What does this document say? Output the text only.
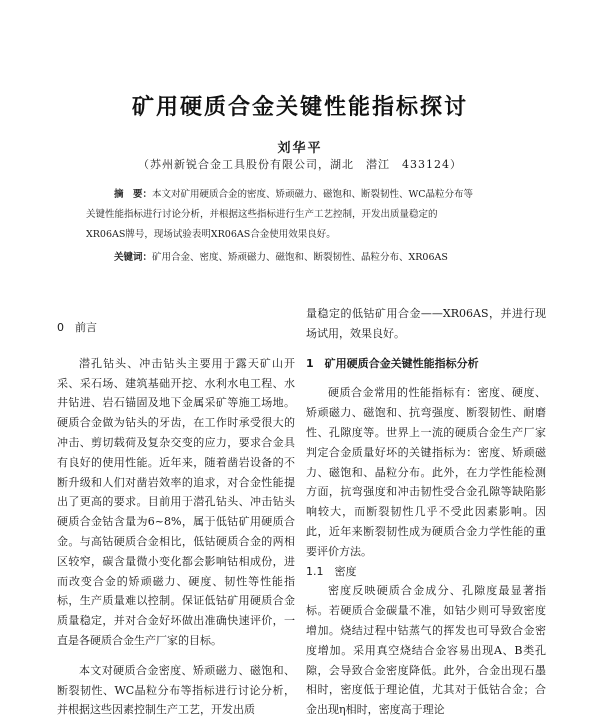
矿用硬质合金关键性能指标探讨
刘华平
（苏州新锐合金工具股份有限公司，湖北　潜江　433124）
摘　要：本文对矿用硬质合金的密度、矫顽磁力、磁饱和、断裂韧性、WC晶粒分布等
关键性能指标进行讨论分析，并根据这些指标进行生产工艺控制，开发出质量稳定的
XR06AS牌号，现场试验表明XR06AS合金使用效果良好。
关键词：矿用合金、密度、矫顽磁力、磁饱和、断裂韧性、晶粒分布、XR06AS

0　前言

潜孔钻头、冲击钻头主要用于露天矿山开采、采石场、建筑基础开挖、水利水电工程、水井钻进、岩石锚固及地下金属采矿等施工场地。硬质合金做为钻头的牙齿，在工作时承受很大的冲击、剪切载荷及复杂交变的应力，要求合金具有良好的使用性能。近年来，随着凿岩设备的不断升级和人们对凿岩效率的追求，对合金性能提出了更高的要求。目前用于潜孔钻头、冲击钻头硬质合金钴含量为6~8%，属于低钴矿用硬质合金。与高钴硬质合金相比，低钴硬质合金的两相区较窄，碳含量微小变化都会影响钴相成份，进而改变合金的矫顽磁力、硬度、韧性等性能指标，生产质量难以控制。保证低钴矿用硬质合金质量稳定，并对合金好坏做出准确快速评价，一直是各硬质合金生产厂家的目标。

本文对硬质合金密度、矫顽磁力、磁饱和、断裂韧性、WC晶粒分布等指标进行讨论分析，并根据这些因素控制生产工艺，开发出质

量稳定的低钴矿用合金——XR06AS，并进行现场试用，效果良好。

1　矿用硬质合金关键性能指标分析

硬质合金常用的性能指标有：密度、硬度、矫顽磁力、磁饱和、抗弯强度、断裂韧性、耐磨性、孔隙度等。世界上一流的硬质合金生产厂家判定合金质量好坏的关键指标为：密度、矫顽磁力、磁饱和、晶粒分布。此外，在力学性能检测方面，抗弯强度和冲击韧性受合金孔隙等缺陷影响较大，而断裂韧性几乎不受此因素影响。因此，近年来断裂韧性成为硬质合金力学性能的重要评价方法。

1.1　密度

密度反映硬质合金成分、孔隙度最显著指标。若硬质合金碳量不准，如钴少则可导致密度增加。烧结过程中钴蒸气的挥发也可导致合金密度增加。采用真空烧结合金容易出现A、B类孔隙，会导致合金密度降低。此外，合金出现石墨相时，密度低于理论值，尤其对于低钴合金；合金出现η相时，密度高于理论
